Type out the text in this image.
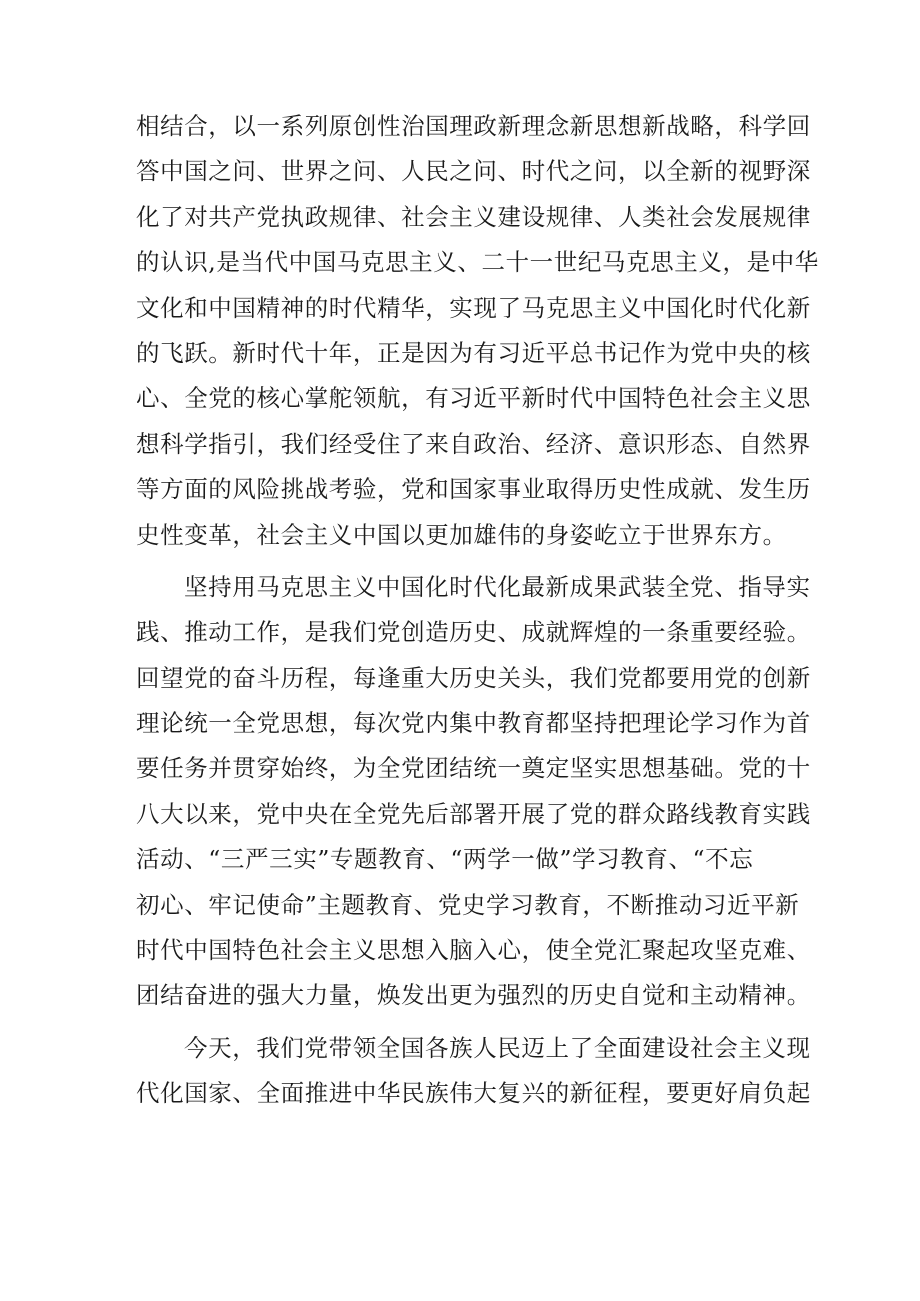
相结合，以一系列原创性治国理政新理念新思想新战略，科学回
答中国之问、世界之问、人民之问、时代之问，以全新的视野深
化了对共产党执政规律、社会主义建设规律、人类社会发展规律
的认识,是当代中国马克思主义、二十一世纪马克思主义，是中华
文化和中国精神的时代精华，实现了马克思主义中国化时代化新
的飞跃。新时代十年，正是因为有习近平总书记作为党中央的核
心、全党的核心掌舵领航，有习近平新时代中国特色社会主义思
想科学指引，我们经受住了来自政治、经济、意识形态、自然界
等方面的风险挑战考验，党和国家事业取得历史性成就、发生历
史性变革，社会主义中国以更加雄伟的身姿屹立于世界东方。
坚持用马克思主义中国化时代化最新成果武装全党、指导实
践、推动工作，是我们党创造历史、成就辉煌的一条重要经验。
回望党的奋斗历程，每逢重大历史关头，我们党都要用党的创新
理论统一全党思想，每次党内集中教育都坚持把理论学习作为首
要任务并贯穿始终，为全党团结统一奠定坚实思想基础。党的十
八大以来，党中央在全党先后部署开展了党的群众路线教育实践
活动、“三严三实”专题教育、“两学一做”学习教育、“不忘
初心、牢记使命”主题教育、党史学习教育，不断推动习近平新
时代中国特色社会主义思想入脑入心，使全党汇聚起攻坚克难、
团结奋进的强大力量，焕发出更为强烈的历史自觉和主动精神。
今天，我们党带领全国各族人民迈上了全面建设社会主义现
代化国家、全面推进中华民族伟大复兴的新征程，要更好肩负起
